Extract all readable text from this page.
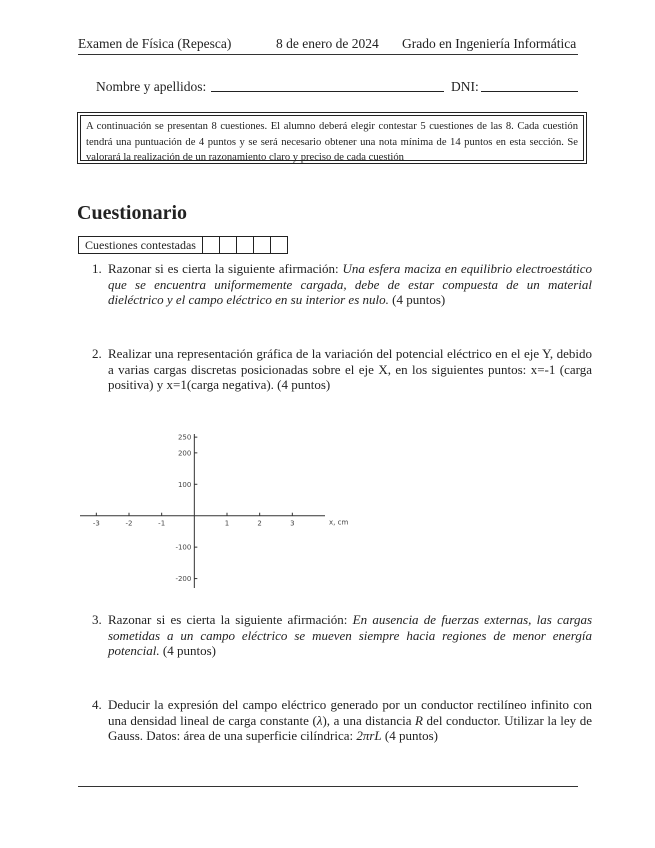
Examen de Física (Repesca)	8 de enero de 2024 Grado en Ingeniería Informática
Nombre y apellidos:	DNI:
A continuación se presentan 8 cuestiones. El alumno deberá elegir contestar 5 cuestiones de las 8. Cada cuestión tendrá una puntuación de 4 puntos y se será necesario obtener una nota mínima de 14 puntos en esta sección. Se valorará la realización de un razonamiento claro y preciso de cada cuestión
Cuestionario
Cuestiones contestadas
1. Razonar si es cierta la siguiente afirmación: Una esfera maciza en equilibrio electroestático que se encuentra uniformemente cargada, debe de estar compuesta de un material dieléctrico y el campo eléctrico en su interior es nulo. (4 puntos)
2. Realizar una representación gráfica de la variación del potencial eléctrico en el eje Y, debido a varias cargas discretas posicionadas sobre el eje X, en los siguientes puntos: x=-1 (carga positiva) y x=1(carga negativa). (4 puntos)
250
200
100
-100
-200
-3	-2	-1	1	2	3	x, cm
3. Razonar si es cierta la siguiente afirmación: En ausencia de fuerzas externas, las cargas sometidas a un campo eléctrico se mueven siempre hacia regiones de menor energía potencial. (4 puntos)
4. Deducir la expresión del campo eléctrico generado por un conductor rectilíneo infinito con una densidad lineal de carga constante (λ), a una distancia R del conductor. Utilizar la ley de Gauss. Datos: área de una superficie cilíndrica: 2πrL (4 puntos)
